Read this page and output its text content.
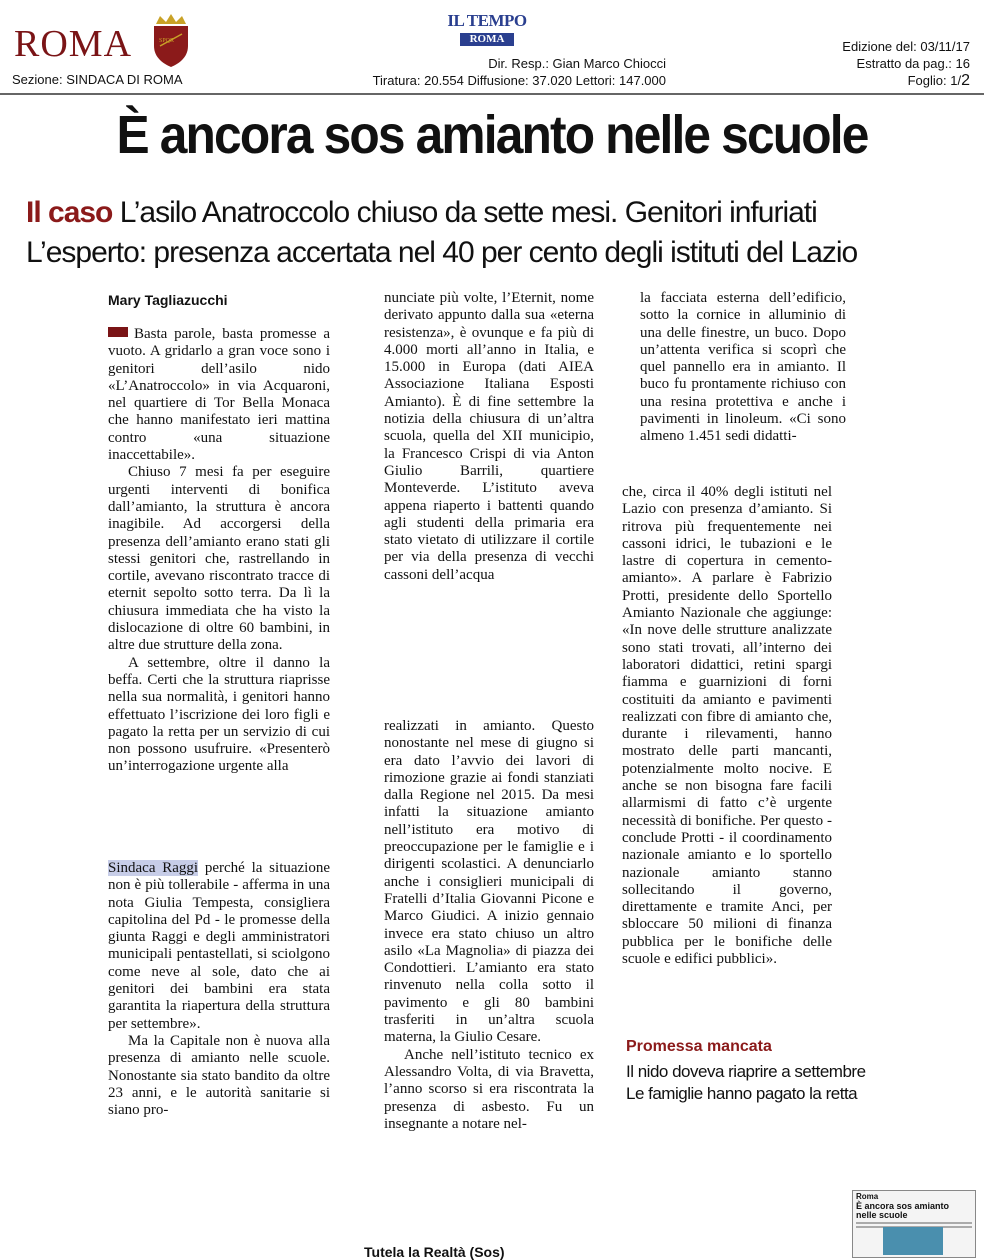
ROMA	SPQR
Sezione: SINDACA DI ROMA
IL TEMPO
ROMA
Dir. Resp.: Gian Marco Chiocci
Tiratura: 20.554 Diffusione: 37.020 Lettori: 147.000
Edizione del: 03/11/17
Estratto da pag.: 16
Foglio: 1/2
È ancora sos amianto nelle scuole
Il caso L’asilo Anatroccolo chiuso da sette mesi. Genitori infuriati
L’esperto: presenza accertata nel 40 per cento degli istituti del Lazio
Mary Tagliazucchi

Basta parole, basta promesse a vuoto. A gridarlo a gran voce sono i genitori dell’asilo nido «L’Anatroccolo» in via Acquaroni, nel quartiere di Tor Bella Monaca che hanno manifestato ieri mattina contro «una situazione inaccettabile».

Chiuso 7 mesi fa per eseguire urgenti interventi di bonifica dall’amianto, la struttura è ancora inagibile. Ad accorgersi della presenza dell’amianto erano stati gli stessi genitori che, rastrellando in cortile, avevano riscontrato tracce di eternit sepolto sotto terra. Da lì la chiusura immediata che ha visto la dislocazione di oltre 60 bambini, in altre due strutture della zona.

A settembre, oltre il danno la beffa. Certi che la struttura riaprisse nella sua normalità, i genitori hanno effettuato l’iscrizione dei loro figli e pagato la retta per un servizio di cui non possono usufruire. «Presenterò un’interrogazione urgente alla

Sindaca Raggi perché la situazione non è più tollerabile - afferma in una nota Giulia Tempesta, consigliera capitolina del Pd - le promesse della giunta Raggi e degli amministratori municipali pentastellati, si sciolgono come neve al sole, dato che ai genitori dei bambini era stata garantita la riapertura della struttura per settembre».

Ma la Capitale non è nuova alla presenza di amianto nelle scuole. Nonostante sia stato bandito da oltre 23 anni, e le autorità sanitarie si siano pro-

nunciate più volte, l’Eternit, nome derivato appunto dalla sua «eterna resistenza», è ovunque e fa più di 4.000 morti all’anno in Italia, e 15.000 in Europa (dati AIEA Associazione Italiana Esposti Amianto). È di fine settembre la notizia della chiusura di un’altra scuola, quella del XII municipio, la Francesco Crispi di via Anton Giulio Barrili, quartiere Monteverde. L’istituto aveva appena riaperto i battenti quando agli studenti della primaria era stato vietato di utilizzare il cortile per via della presenza di vecchi cassoni dell’acqua

realizzati in amianto. Questo nonostante nel mese di giugno si era dato l’avvio dei lavori di rimozione grazie ai fondi stanziati dalla Regione nel 2015. Da mesi infatti la situazione amianto nell’istituto era motivo di preoccupazione per le famiglie e i dirigenti scolastici. A denunciarlo anche i consiglieri municipali di Fratelli d’Italia Giovanni Picone e Marco Giudici. A inizio gennaio invece era stato chiuso un altro asilo «La Magnolia» di piazza dei Condottieri. L’amianto era stato rinvenuto nella colla sotto il pavimento e gli 80 bambini trasferiti in un’altra scuola materna, la Giulio Cesare.

Anche nell’istituto tecnico ex Alessandro Volta, di via Bravetta, l’anno scorso si era riscontrata la presenza di asbesto. Fu un insegnante a notare nel-

la facciata esterna dell’edificio, sotto la cornice in alluminio di una delle finestre, un buco. Dopo un’attenta verifica si scoprì che quel pannello era in amianto. Il buco fu prontamente richiuso con una resina protettiva e anche i pavimenti in linoleum. «Ci sono almeno 1.451 sedi didatti-

che, circa il 40% degli istituti nel Lazio con presenza d’amianto. Si ritrova più frequentemente nei cassoni idrici, le tubazioni e le lastre di copertura in cemento-amianto». A parlare è Fabrizio Protti, presidente dello Sportello Amianto Nazionale che aggiunge: «In nove delle strutture analizzate sono stati trovati, all’interno dei laboratori didattici, retini spargi fiamma e guarnizioni di forni costituiti da amianto e pavimenti realizzati con fibre di amianto che, durante i rilevamenti, hanno mostrato delle parti mancanti, potenzialmente molto nocive. E anche se non bisogna fare facili allarmismi di fatto c’è urgente necessità di bonifiche. Per questo - conclude Protti - il coordinamento nazionale amianto e lo sportello nazionale amianto stanno sollecitando il governo, direttamente e tramite Anci, per sbloccare 50 milioni di finanza pubblica per le bonifiche delle scuole e edifici pubblici».

Promessa mancata
Il nido doveva riaprire a settembre
Le famiglie hanno pagato la retta
Tutela la Realtà (Sos)
Roma
È ancora sos amianto nelle scuole
